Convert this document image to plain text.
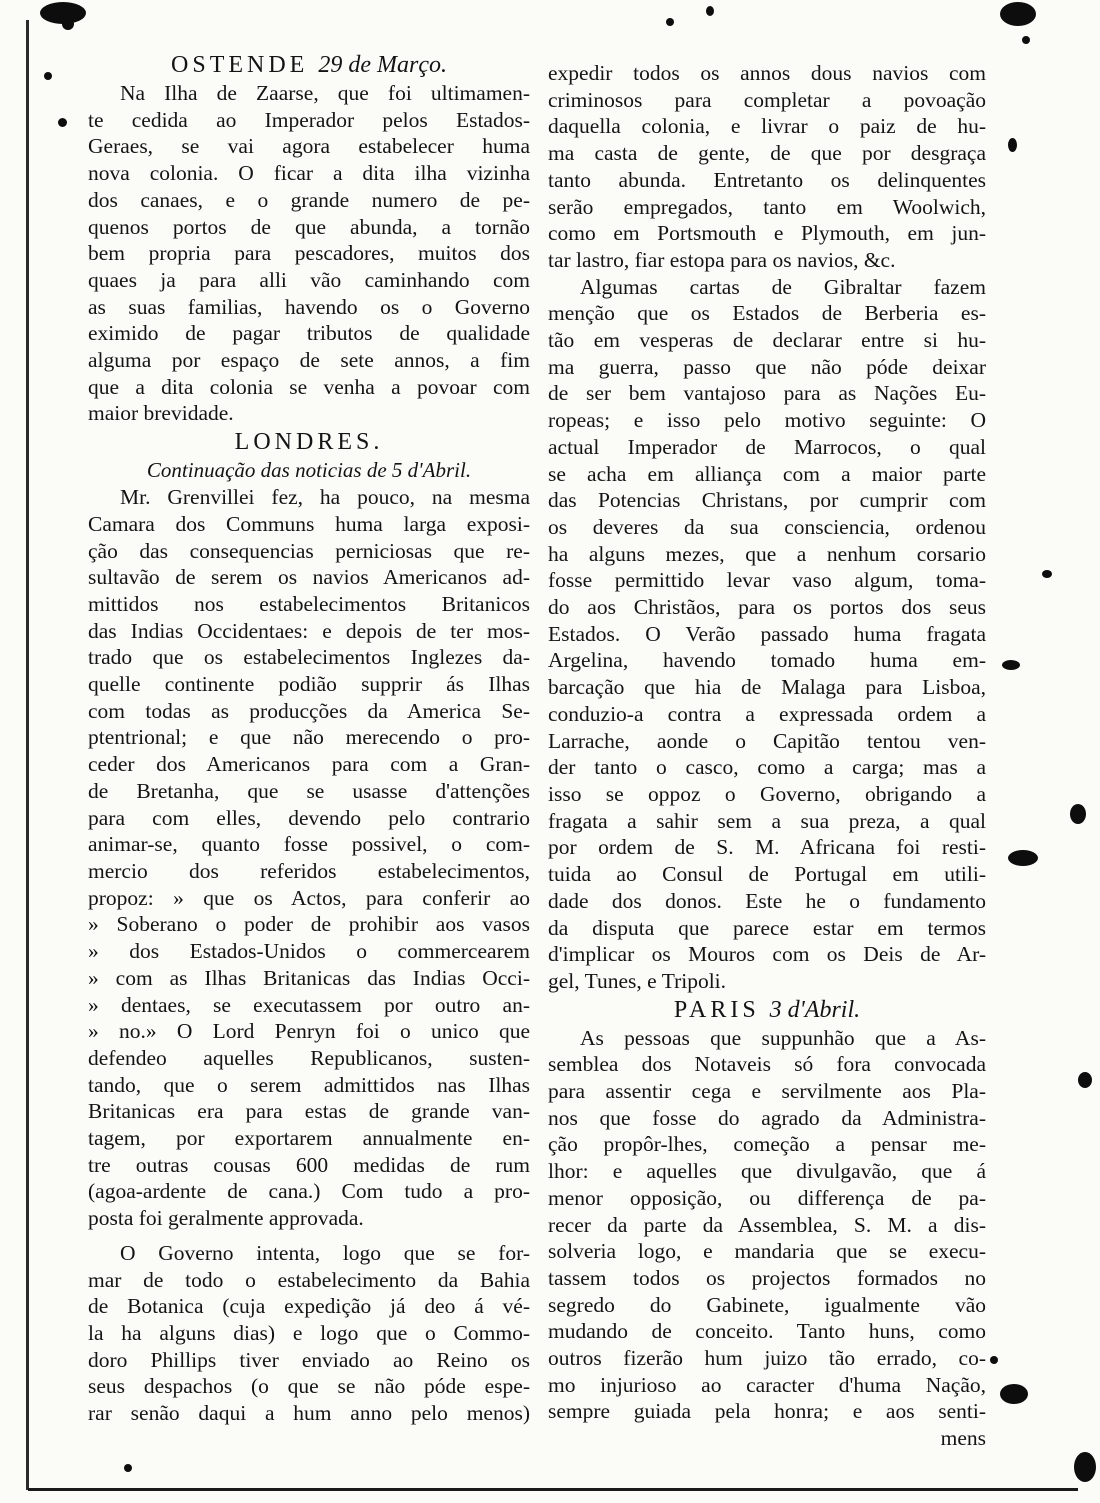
OSTENDE 29 de Março.
Na Ilha de Zaarse, que foi ultimamen-
te cedida ao Imperador pelos Estados-
Geraes, se vai agora estabelecer huma
nova colonia. O ficar a dita ilha vizinha
dos canaes, e o grande numero de pe-
quenos portos de que abunda, a tornão
bem propria para pescadores, muitos dos
quaes ja para alli vão caminhando com
as suas familias, havendo os o Governo
eximido de pagar tributos de qualidade
alguma por espaço de sete annos, a fim
que a dita colonia se venha a povoar com
maior brevidade.
LONDRES.
Continuação das noticias de 5 d'Abril.
Mr. Grenvillei fez, ha pouco, na mesma
Camara dos Communs huma larga exposi-
ção das consequencias perniciosas que re-
sultavão de serem os navios Americanos ad-
mittidos nos estabelecimentos Britanicos
das Indias Occidentaes: e depois de ter mos-
trado que os estabelecimentos Inglezes da-
quelle continente podião supprir ás Ilhas
com todas as producções da America Se-
ptentrional; e que não merecendo o pro-
ceder dos Americanos para com a Gran-
de Bretanha, que se usasse d'attenções
para com elles, devendo pelo contrario
animar-se, quanto fosse possivel, o com-
mercio dos referidos estabelecimentos,
propoz: » que os Actos, para conferir ao
» Soberano o poder de prohibir aos vasos
» dos Estados-Unidos o commercearem
» com as Ilhas Britanicas das Indias Occi-
» dentaes, se executassem por outro an-
» no.» O Lord Penryn foi o unico que
defendeo aquelles Republicanos, susten-
tando, que o serem admittidos nas Ilhas
Britanicas era para estas de grande van-
tagem, por exportarem annualmente en-
tre outras cousas 600 medidas de rum
(agoa-ardente de cana.) Com tudo a pro-
posta foi geralmente approvada.
O Governo intenta, logo que se for-
mar de todo o estabelecimento da Bahia
de Botanica (cuja expedição já deo á vé-
la ha alguns dias) e logo que o Commo-
doro Phillips tiver enviado ao Reino os
seus despachos (o que se não póde espe-
rar senão daqui a hum anno pelo menos)
expedir todos os annos dous navios com
criminosos para completar a povoação
daquella colonia, e livrar o paiz de hu-
ma casta de gente, de que por desgraça
tanto abunda. Entretanto os delinquentes
serão empregados, tanto em Woolwich,
como em Portsmouth e Plymouth, em jun-
tar lastro, fiar estopa para os navios, &c.
Algumas cartas de Gibraltar fazem
menção que os Estados de Berberia es-
tão em vesperas de declarar entre si hu-
ma guerra, passo que não póde deixar
de ser bem vantajoso para as Nações Eu-
ropeas; e isso pelo motivo seguinte: O
actual Imperador de Marrocos, o qual
se acha em alliança com a maior parte
das Potencias Christans, por cumprir com
os deveres da sua consciencia, ordenou
ha alguns mezes, que a nenhum corsario
fosse permittido levar vaso algum, toma-
do aos Christãos, para os portos dos seus
Estados. O Verão passado huma fragata
Argelina, havendo tomado huma em-
barcação que hia de Malaga para Lisboa,
conduzio-a contra a expressada ordem a
Larrache, aonde o Capitão tentou ven-
der tanto o casco, como a carga; mas a
isso se oppoz o Governo, obrigando a
fragata a sahir sem a sua preza, a qual
por ordem de S. M. Africana foi resti-
tuida ao Consul de Portugal em utili-
dade dos donos. Este he o fundamento
da disputa que parece estar em termos
d'implicar os Mouros com os Deis de Ar-
gel, Tunes, e Tripoli.
PARIS 3 d'Abril.
As pessoas que suppunhão que a As-
semblea dos Notaveis só fora convocada
para assentir cega e servilmente aos Pla-
nos que fosse do agrado da Administra-
ção propôr-lhes, começão a pensar me-
lhor: e aquelles que divulgavão, que á
menor opposição, ou differença de pa-
recer da parte da Assemblea, S. M. a dis-
solveria logo, e mandaria que se execu-
tassem todos os projectos formados no
segredo do Gabinete, igualmente vão
mudando de conceito. Tanto huns, como
outros fizerão hum juizo tão errado, co-
mo injurioso ao caracter d'huma Nação,
sempre guiada pela honra; e aos senti-
mens
